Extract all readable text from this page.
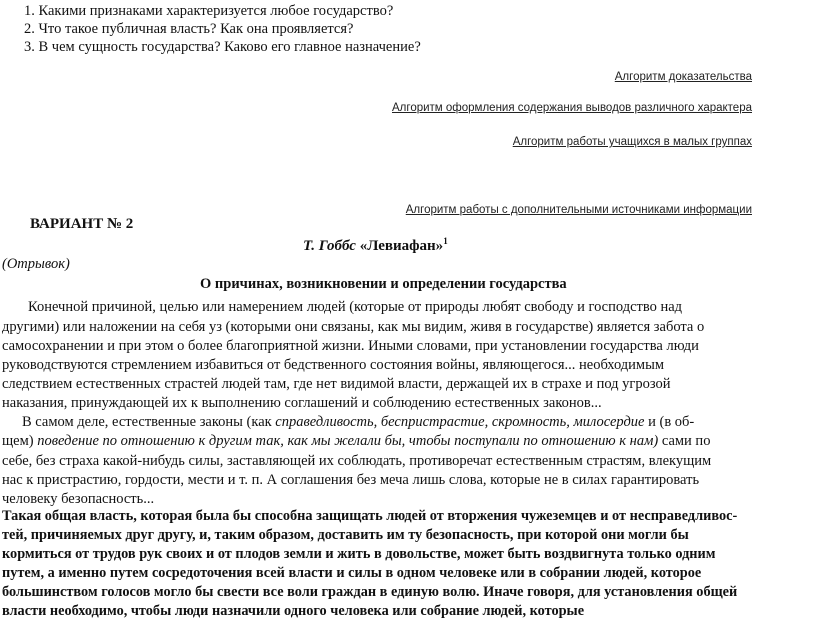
1. Какими признаками характеризуется любое государство?
2. Что такое публичная власть? Как она проявляется?
3. В чем сущность государства? Каково его главное назначение?
Алгоритм доказательства
Алгоритм оформления содержания выводов различного характера
Алгоритм работы учащихся в малых группах
Алгоритм работы с дополнительными источниками информации
ВАРИАНТ № 2
Т. Гоббс «Левиафан»$^1$
(Отрывок)
О причинах, возникновении и определении государства
Конечной причиной, целью или намерением людей (которые от природы любят свободу и господство над
другими) или наложении на себя уз (которыми они связаны, как мы видим, живя в государстве) является забота о
самосохранении и при этом о более благоприятной жизни. Иными словами, при установлении государства люди
руководствуются стремлением избавиться от бедственного состояния войны, являющегося... необходимым
следствием естественных страстей людей там, где нет видимой власти, держащей их в страхе и под угрозой
наказания, принуждающей их к выполнению соглашений и соблюдению естественных законов...
В самом деле, естественные законы (как справедливость, беспристрастие, скромность, милосердие и (в об-
щем) поведение по отношению к другим так, как мы желали бы, чтобы поступали по отношению к нам) сами по
себе, без страха какой-нибудь силы, заставляющей их соблюдать, противоречат естественным страстям, влекущим
нас к пристрастию, гордости, мести и т. п. А соглашения без меча лишь слова, которые не в силах гарантировать
человеку безопасность...
Такая общая власть, которая была бы способна защищать людей от вторжения чужеземцев и от несправедливос-
тей, причиняемых друг другу, и, таким образом, доставить им ту безопасность, при которой они могли бы
кормиться от трудов рук своих и от плодов земли и жить в довольстве, может быть воздвигнута только одним
путем, а именно путем сосредоточения всей власти и силы в одном человеке или в собрании людей, которое
большинством голосов могло бы свести все воли граждан в единую волю. Иначе говоря, для установления общей
власти необходимо, чтобы люди назначили одного человека или собрание людей, которые
